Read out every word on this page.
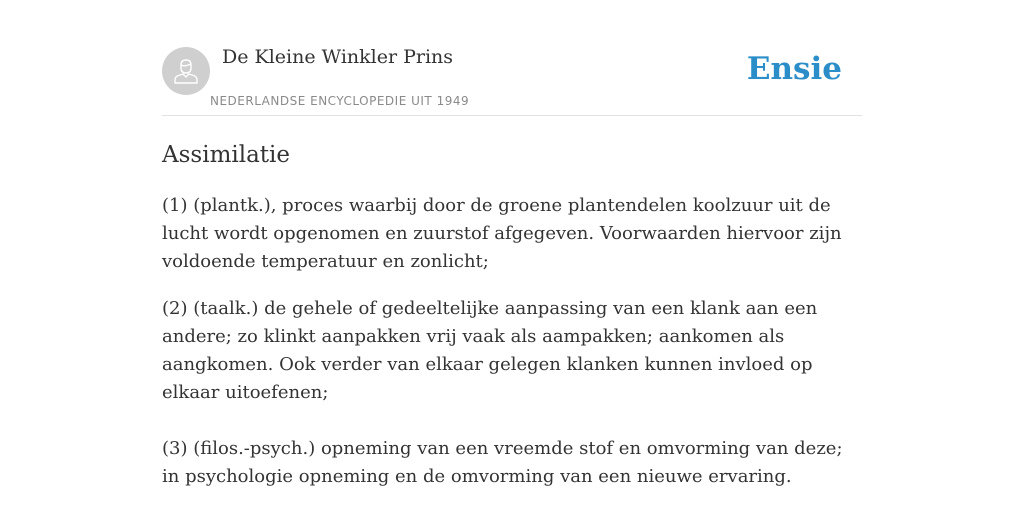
De Kleine Winkler Prins
NEDERLANDSE ENCYCLOPEDIE UIT 1949
Ensie
Assimilatie

(1) (plantk.), proces waarbij door de groene plantendelen koolzuur uit de lucht wordt opgenomen en zuurstof afgegeven. Voorwaarden hiervoor zijn voldoende temperatuur en zonlicht;

(2) (taalk.) de gehele of gedeeltelijke aanpassing van een klank aan een andere; zo klinkt aanpakken vrij vaak als aampakken; aankomen als aangkomen. Ook verder van elkaar gelegen klanken kunnen invloed op elkaar uitoefenen;

(3) (filos.-psych.) opneming van een vreemde stof en omvorming van deze; in psychologie opneming en de omvorming van een nieuwe ervaring.
